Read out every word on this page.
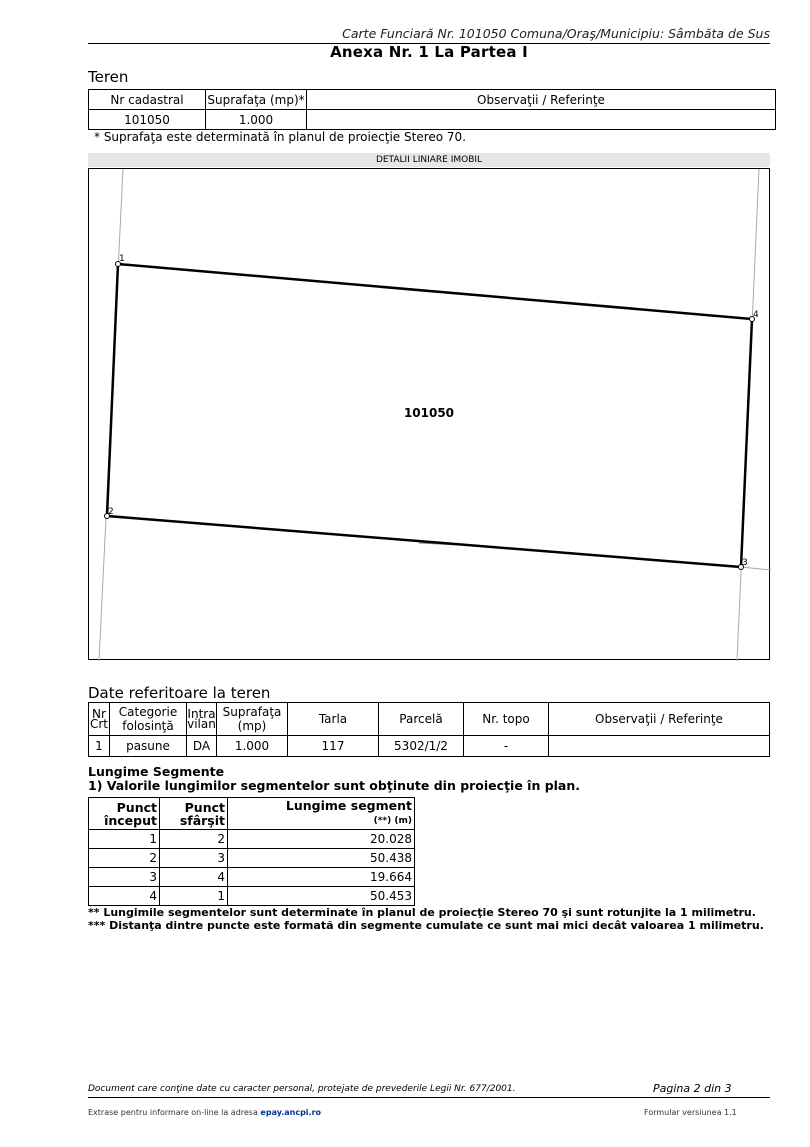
Carte Funciară Nr. 101050 Comuna/Oraş/Municipiu: Sâmbăta de Sus
Anexa Nr. 1 La Partea I
Teren
Nr cadastral	Suprafaţa (mp)*	Observaţii / Referinţe
101050	1.000	
* Suprafaţa este determinată în planul de proiecţie Stereo 70.
DETALII LINIARE IMOBIL
1
2
3
4
101050
Date referitoare la teren
Nr Crt	Categorie folosinţă	Intra vilan	Suprafaţa (mp)	Tarla	Parcelă	Nr. topo	Observaţii / Referinţe
1	pasune	DA	1.000	117	5302/1/2	-	
Lungime Segmente
1) Valorile lungimilor segmentelor sunt obţinute din proiecţie în plan.
Punct început	Punct sfârşit	Lungime segment
(**) (m)
1	2	20.028
2	3	50.438
3	4	19.664
4	1	50.453
** Lungimile segmentelor sunt determinate în planul de proiecţie Stereo 70 şi sunt rotunjite la 1 milimetru.
*** Distanţa dintre puncte este formată din segmente cumulate ce sunt mai mici decât valoarea 1 milimetru.
Document care conţine date cu caracter personal, protejate de prevederile Legii Nr. 677/2001.	Pagina 2 din 3
Extrase pentru informare on-line la adresa epay.ancpi.ro	Formular versiunea 1.1
